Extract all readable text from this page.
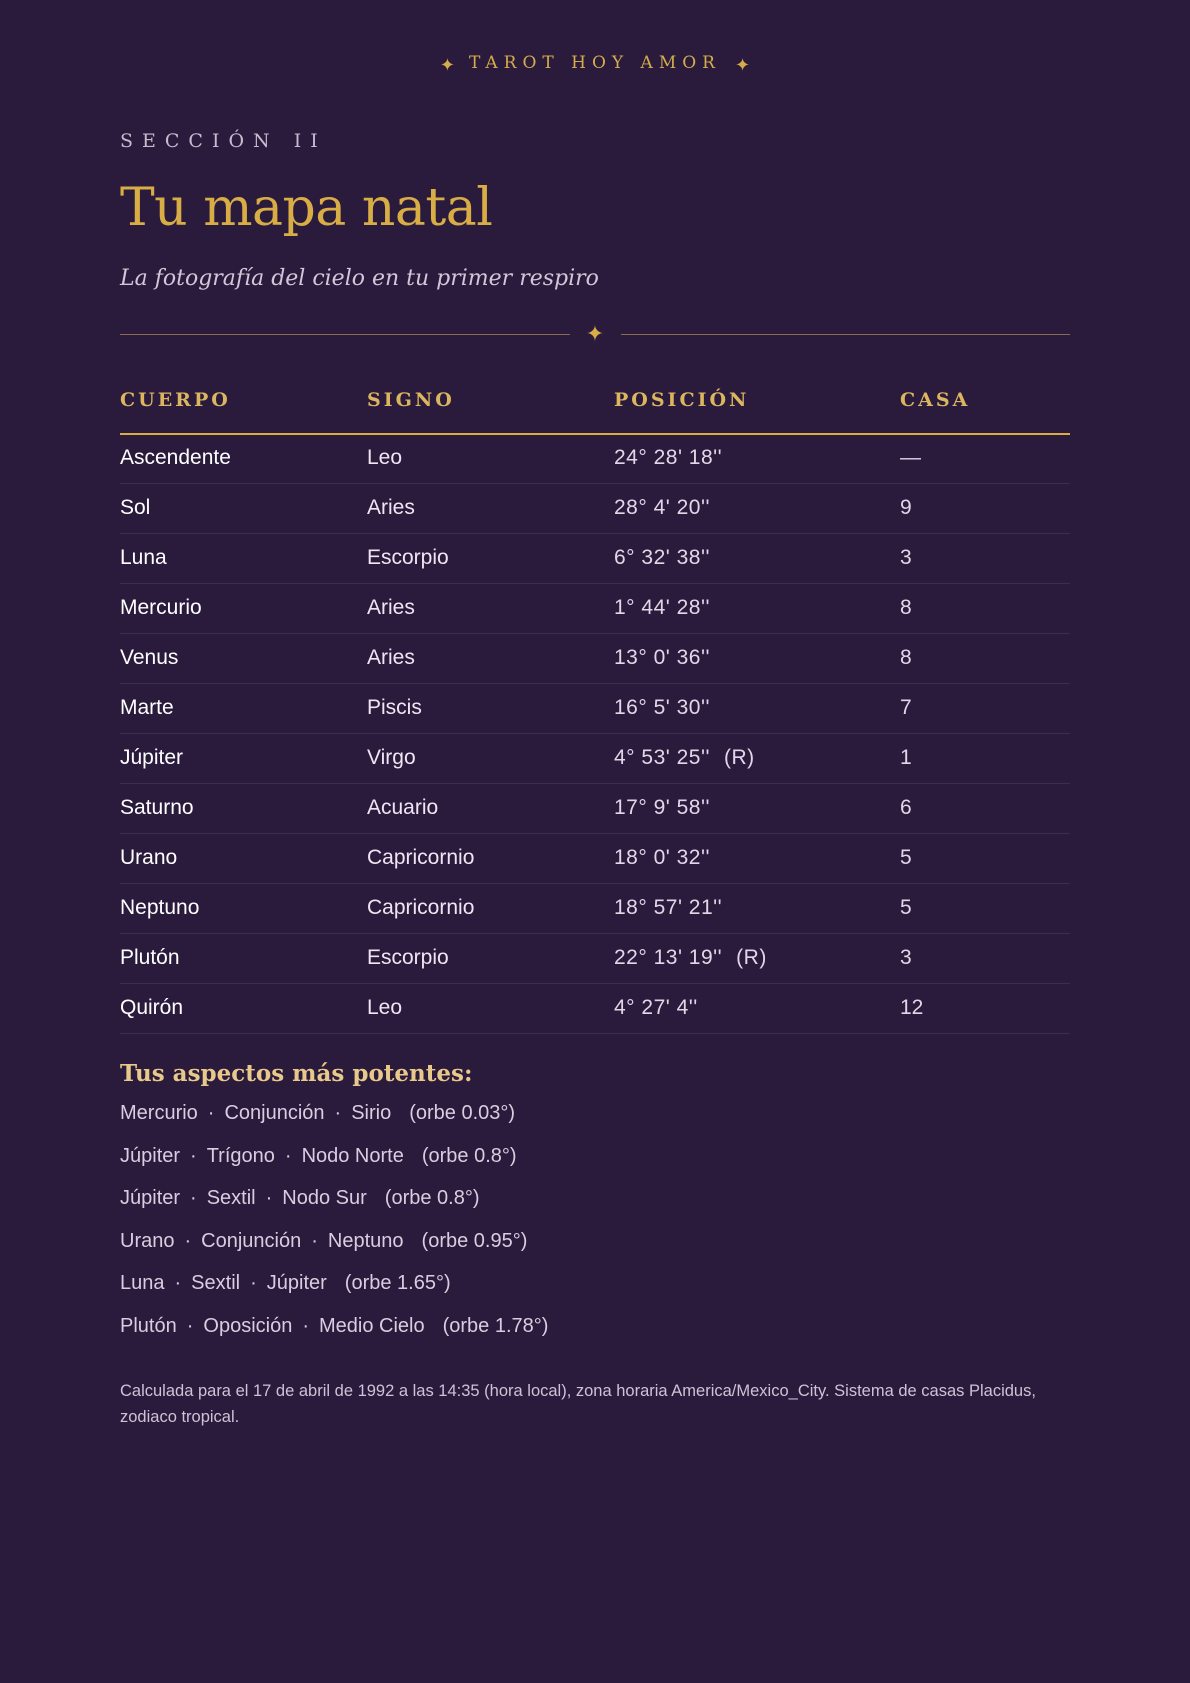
✦ TAROT HOY AMOR ✦
SECCIÓN II
Tu mapa natal
La fotografía del cielo en tu primer respiro
✦
CUERPO	SIGNO	POSICIÓN	CASA
Ascendente	Leo	24° 28' 18''	—
Sol	Aries	28° 4' 20''	9
Luna	Escorpio	6° 32' 38''	3
Mercurio	Aries	1° 44' 28''	8
Venus	Aries	13° 0' 36''	8
Marte	Piscis	16° 5' 30''	7
Júpiter	Virgo	4° 53' 25'' (R)	1
Saturno	Acuario	17° 9' 58''	6
Urano	Capricornio	18° 0' 32''	5
Neptuno	Capricornio	18° 57' 21''	5
Plutón	Escorpio	22° 13' 19'' (R)	3
Quirón	Leo	4° 27' 4''	12
Tus aspectos más potentes:
Mercurio · Conjunción · Sirio (orbe 0.03°)
Júpiter · Trígono · Nodo Norte (orbe 0.8°)
Júpiter · Sextil · Nodo Sur (orbe 0.8°)
Urano · Conjunción · Neptuno (orbe 0.95°)
Luna · Sextil · Júpiter (orbe 1.65°)
Plutón · Oposición · Medio Cielo (orbe 1.78°)
Calculada para el 17 de abril de 1992 a las 14:35 (hora local), zona horaria America/Mexico_City. Sistema de casas Placidus, zodiaco tropical.
